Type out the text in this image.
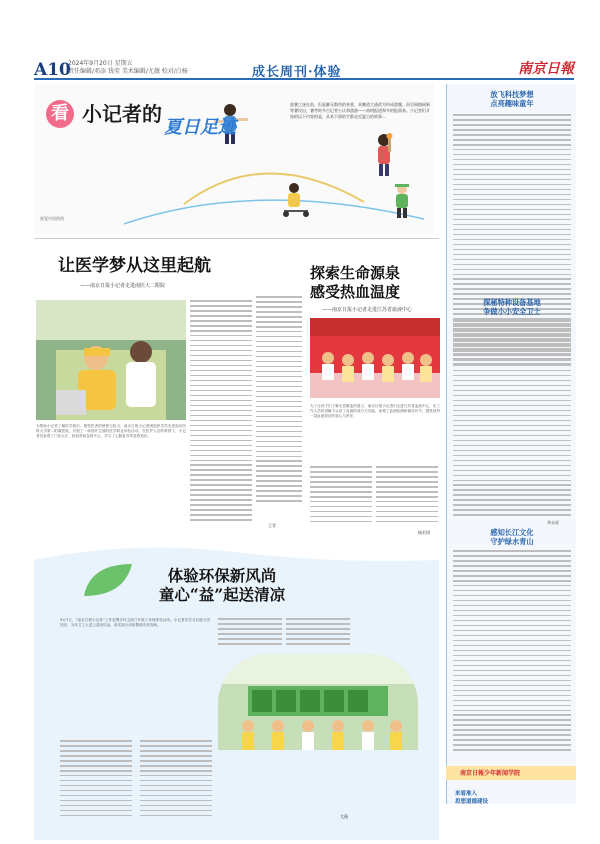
A10
2024年9月20日 星期五
责任编辑/邓添 钱莹 美术编辑/尤薇 校对/白杨	成长周刊·体验	南京日報
看 小记者的
夏日足迹
视觉中国供图
放暑之迷在前，但是脚无数所的来要，具嫩道大通改为经成游题。而另网路网新等暑设出，暑考时多古记者公认和游游——南明报道和多的报面来。小记者们开始的以下内容的是，从来下面的手都走近夏日的故事...
让医学梦从这里起航
——南京日报小记者走进南医大二附院
为帮助小记者了解医学知识，感受医者的使命与担当，南京日报小记者团组织学员走进南京医科大学第二附属医院，开展了一场别开生面的医学职业体验活动。在医护人员的带领下，小记者们参观了门诊大厅、检验科和急救中心，学习了心肺复苏等急救知识。
王青
探索生命源泉
感受热血温度
——南京日报小记者走进江苏省血液中心
为了让孩子们了解无偿献血的意义，南京日报小记者们走进江苏省血液中心，在工作人员的讲解下认识了血液的成分与功能，参观了血液检测和储存环节，感受到每一袋血液背后的爱心与责任。
顾若琪
体验环保新风尚
童心“益”起送清凉
9月7日，“南京日报小记者”工作室携手环卫部门开展了环保体验活动。小记者们学习垃圾分类知识，为环卫工人送上清凉饮品，用实际行动致敬城市美容师。
尤薇
放飞科技梦想
点亮趣味童年
探秘特种设备基地
争做小小安全卫士
李永星
感知长江文化
守护绿水青山
南京日報少年新闻学院
来看准入
思想道德建设
